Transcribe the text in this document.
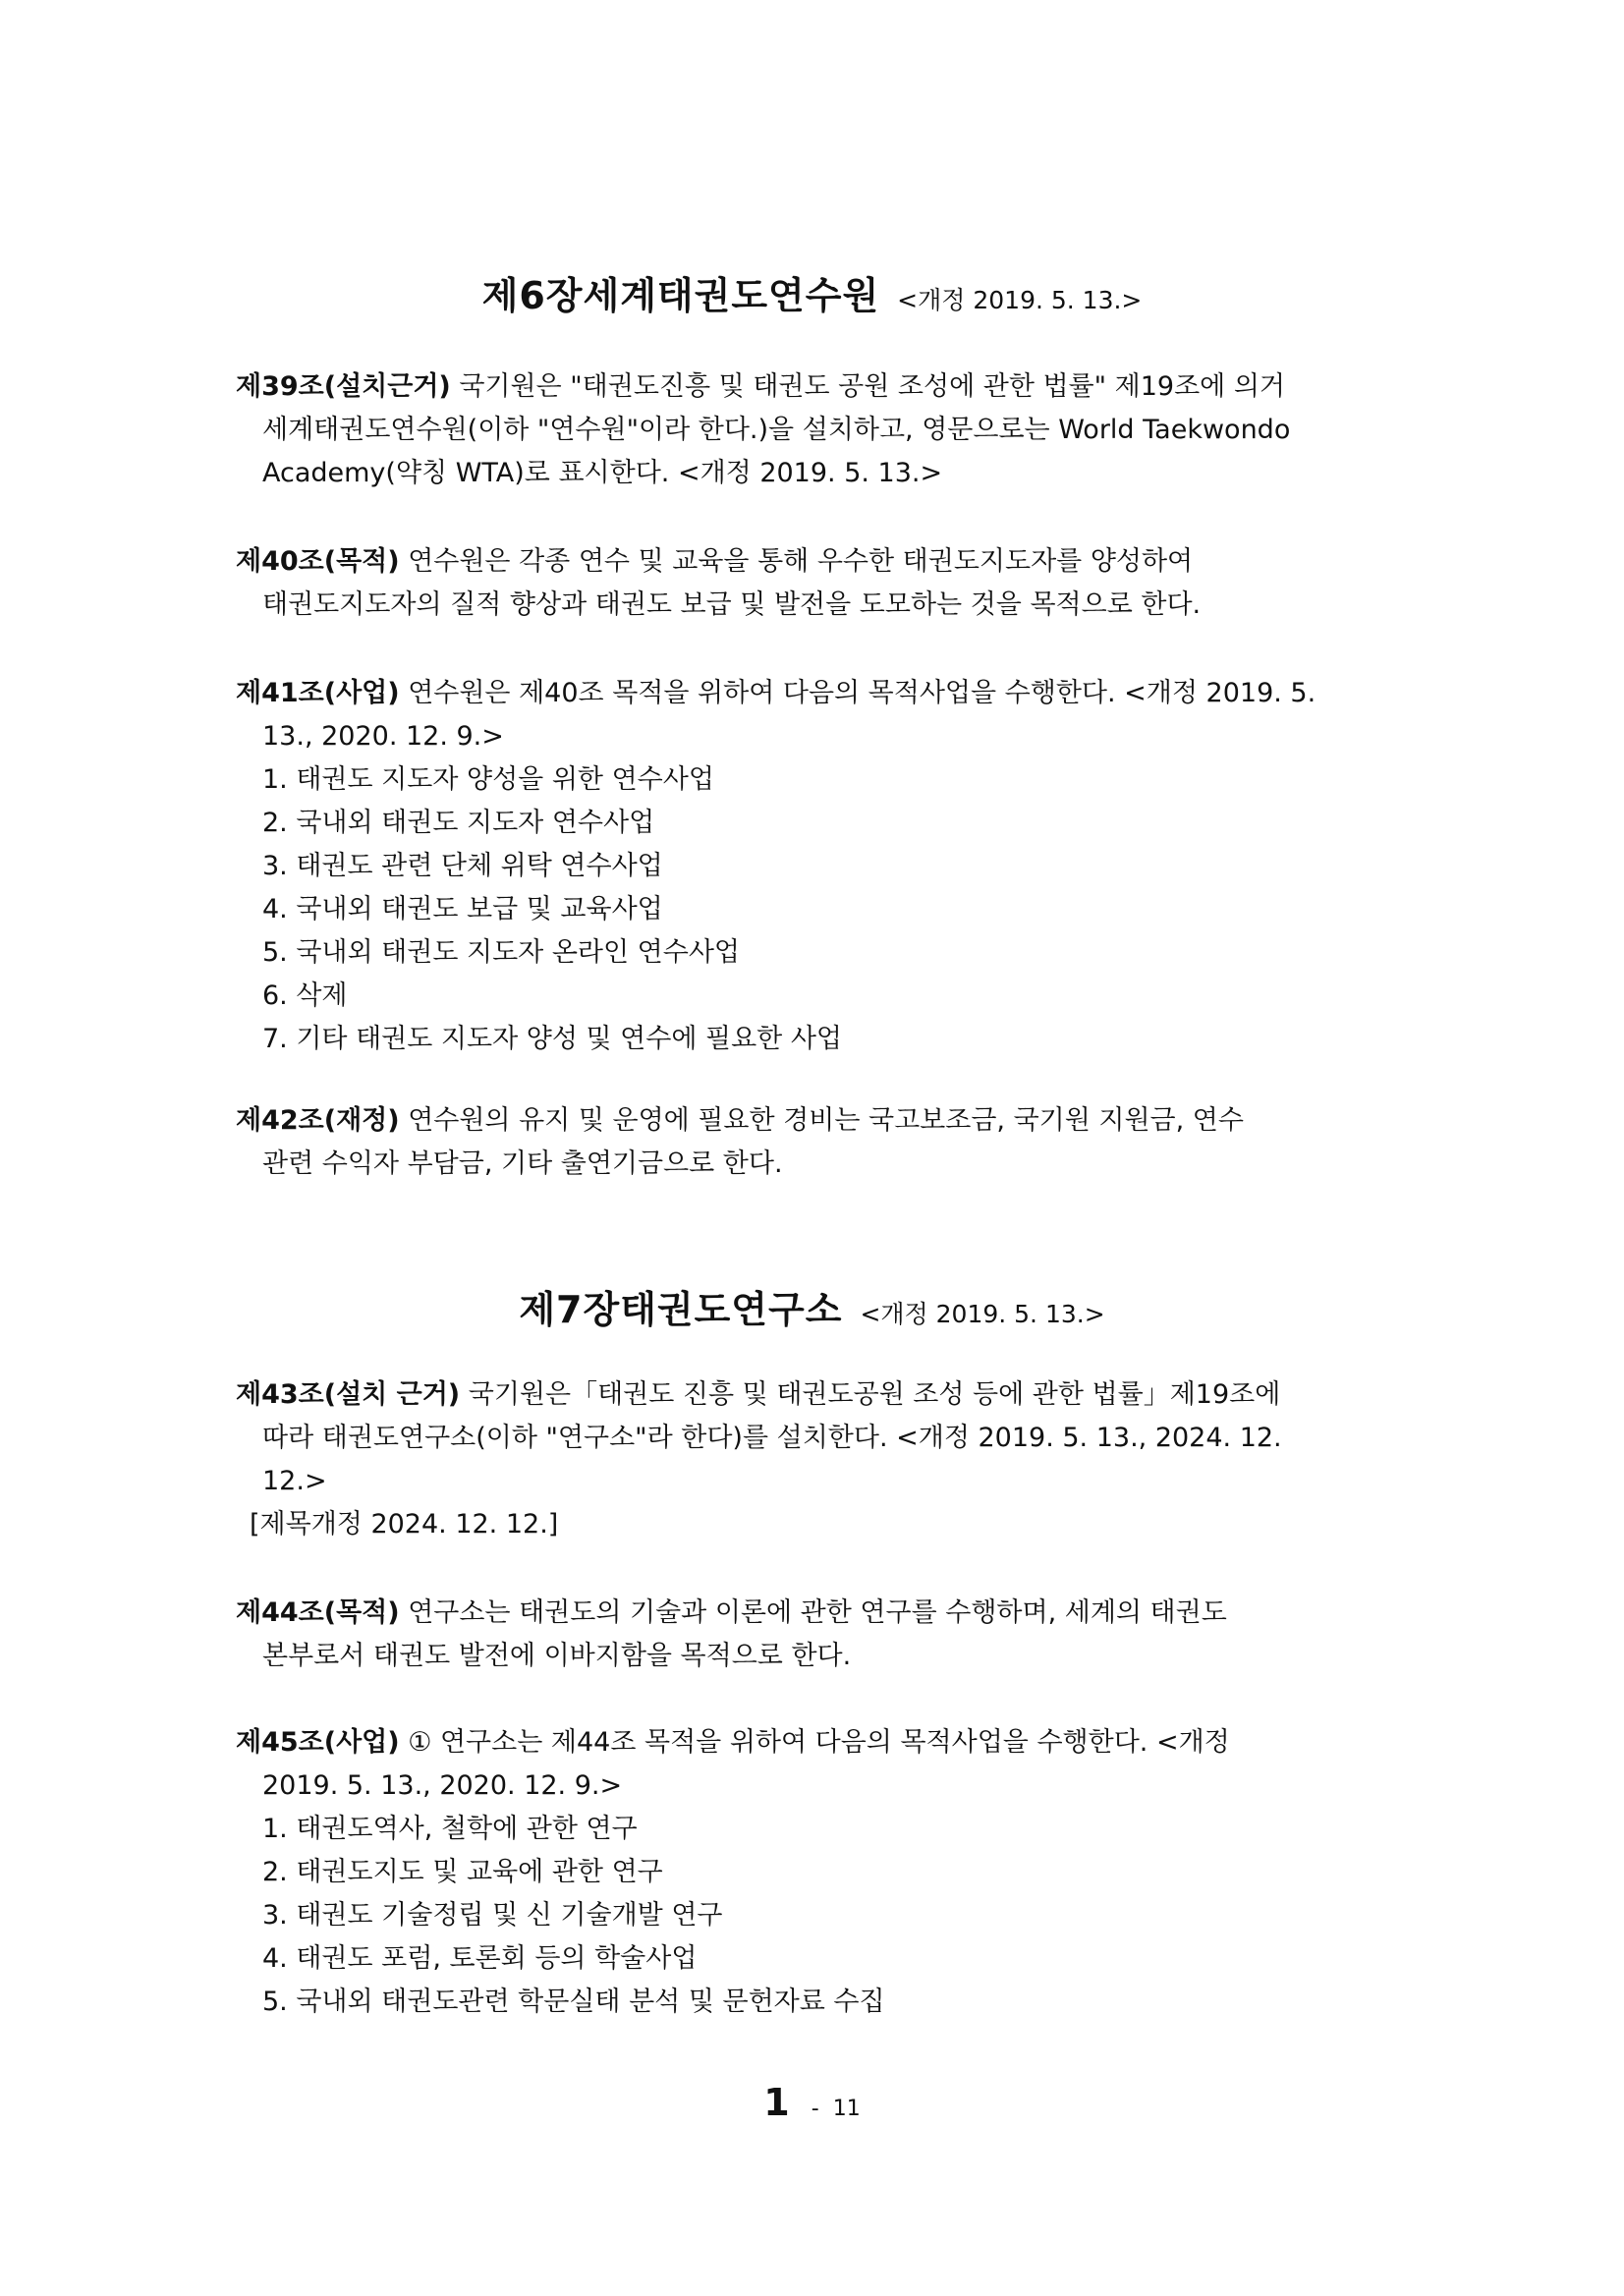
제6장세계태권도연수원 <개정 2019. 5. 13.>
제39조(설치근거) 국기원은 "태권도진흥 및 태권도 공원 조성에 관한 법률" 제19조에 의거
세계태권도연수원(이하 "연수원"이라 한다.)을 설치하고, 영문으로는 World Taekwondo
Academy(약칭 WTA)로 표시한다. <개정 2019. 5. 13.>
제40조(목적) 연수원은 각종 연수 및 교육을 통해 우수한 태권도지도자를 양성하여
태권도지도자의 질적 향상과 태권도 보급 및 발전을 도모하는 것을 목적으로 한다.
제41조(사업) 연수원은 제40조 목적을 위하여 다음의 목적사업을 수행한다. <개정 2019. 5.
13., 2020. 12. 9.>
1. 태권도 지도자 양성을 위한 연수사업
2. 국내외 태권도 지도자 연수사업
3. 태권도 관련 단체 위탁 연수사업
4. 국내외 태권도 보급 및 교육사업
5. 국내외 태권도 지도자 온라인 연수사업
6. 삭제
7. 기타 태권도 지도자 양성 및 연수에 필요한 사업
제42조(재정) 연수원의 유지 및 운영에 필요한 경비는 국고보조금, 국기원 지원금, 연수
관련 수익자 부담금, 기타 출연기금으로 한다.
제7장태권도연구소 <개정 2019. 5. 13.>
제43조(설치 근거) 국기원은「태권도 진흥 및 태권도공원 조성 등에 관한 법률」제19조에
따라 태권도연구소(이하 "연구소"라 한다)를 설치한다. <개정 2019. 5. 13., 2024. 12.
12.>
[제목개정 2024. 12. 12.]
제44조(목적) 연구소는 태권도의 기술과 이론에 관한 연구를 수행하며, 세계의 태권도
본부로서 태권도 발전에 이바지함을 목적으로 한다.
제45조(사업) ① 연구소는 제44조 목적을 위하여 다음의 목적사업을 수행한다. <개정
2019. 5. 13., 2020. 12. 9.>
1. 태권도역사, 철학에 관한 연구
2. 태권도지도 및 교육에 관한 연구
3. 태권도 기술정립 및 신 기술개발 연구
4. 태권도 포럼, 토론회 등의 학술사업
5. 국내외 태권도관련 학문실태 분석 및 문헌자료 수집
1 - 11
